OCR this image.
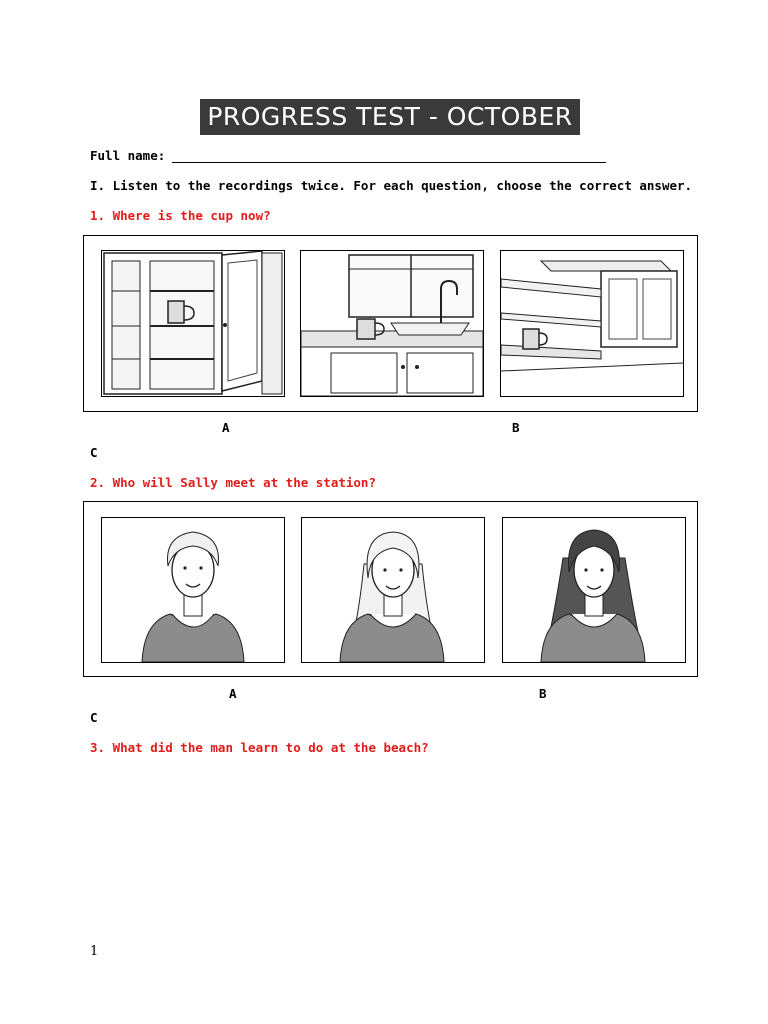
PROGRESS TEST - OCTOBER
Full name:
I. Listen to the recordings twice. For each question, choose the correct answer.
1. Where is the cup now?
A	B
C
2. Who will Sally meet at the station?
A	B
C
3. What did the man learn to do at the beach?
1
